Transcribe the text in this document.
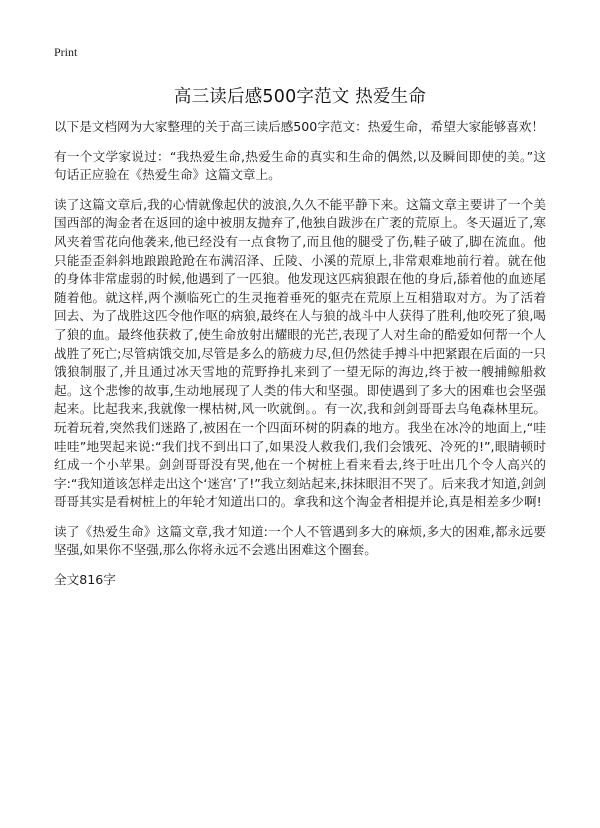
Print
高三读后感500字范文 热爱生命

以下是文档网为大家整理的关于高三读后感500字范文：热爱生命，希望大家能够喜欢！

有一个文学家说过：“我热爱生命,热爱生命的真实和生命的偶然,以及瞬间即使的美。”这句话正应验在《热爱生命》这篇文章上。

读了这篇文章后,我的心情就像起伏的波浪,久久不能平静下来。这篇文章主要讲了一个美国西部的淘金者在返回的途中被朋友抛弃了,他独自跋涉在广袤的荒原上。冬天逼近了,寒风夹着雪花向他袭来,他已经没有一点食物了,而且他的腿受了伤,鞋子破了,脚在流血。他只能歪歪斜斜地踉踉跄跄在布满沼泽、丘陵、小溪的荒原上,非常艰难地前行着。就在他的身体非常虚弱的时候,他遇到了一匹狼。他发现这匹病狼跟在他的身后,舔着他的血迹尾随着他。就这样,两个濒临死亡的生灵拖着垂死的躯壳在荒原上互相猎取对方。为了活着回去、为了战胜这匹令他作呕的病狼,最终在人与狼的战斗中人获得了胜利,他咬死了狼,喝了狼的血。最终他获救了,使生命放射出耀眼的光芒,表现了人对生命的酷爱如何帮一个人战胜了死亡;尽管病饿交加,尽管是多么的筋疲力尽,但仍然徒手搏斗中把紧跟在后面的一只饿狼制服了,并且通过冰天雪地的荒野挣扎来到了一望无际的海边,终于被一艘捕鲸船救起。这个悲惨的故事,生动地展现了人类的伟大和坚强。即使遇到了多大的困难也会坚强起来。比起我来,我就像一棵枯树,风一吹就倒。。有一次,我和剑剑哥哥去乌龟森林里玩。玩着玩着,突然我们迷路了,被困在一个四面环树的阴森的地方。我坐在冰冷的地面上,“哇哇哇”地哭起来说:“我们找不到出口了,如果没人救我们,我们会饿死、冷死的!”,眼睛顿时红成一个小苹果。剑剑哥哥没有哭,他在一个树桩上看来看去,终于吐出几个令人高兴的字:“我知道该怎样走出这个‘迷宫’了!”我立刻站起来,抹抹眼泪不哭了。后来我才知道,剑剑哥哥其实是看树桩上的年轮才知道出口的。拿我和这个淘金者相提并论,真是相差多少啊!

读了《热爱生命》这篇文章,我才知道:一个人不管遇到多大的麻烦,多大的困难,都永远要坚强,如果你不坚强,那么你将永远不会逃出困难这个圈套。

全文816字
